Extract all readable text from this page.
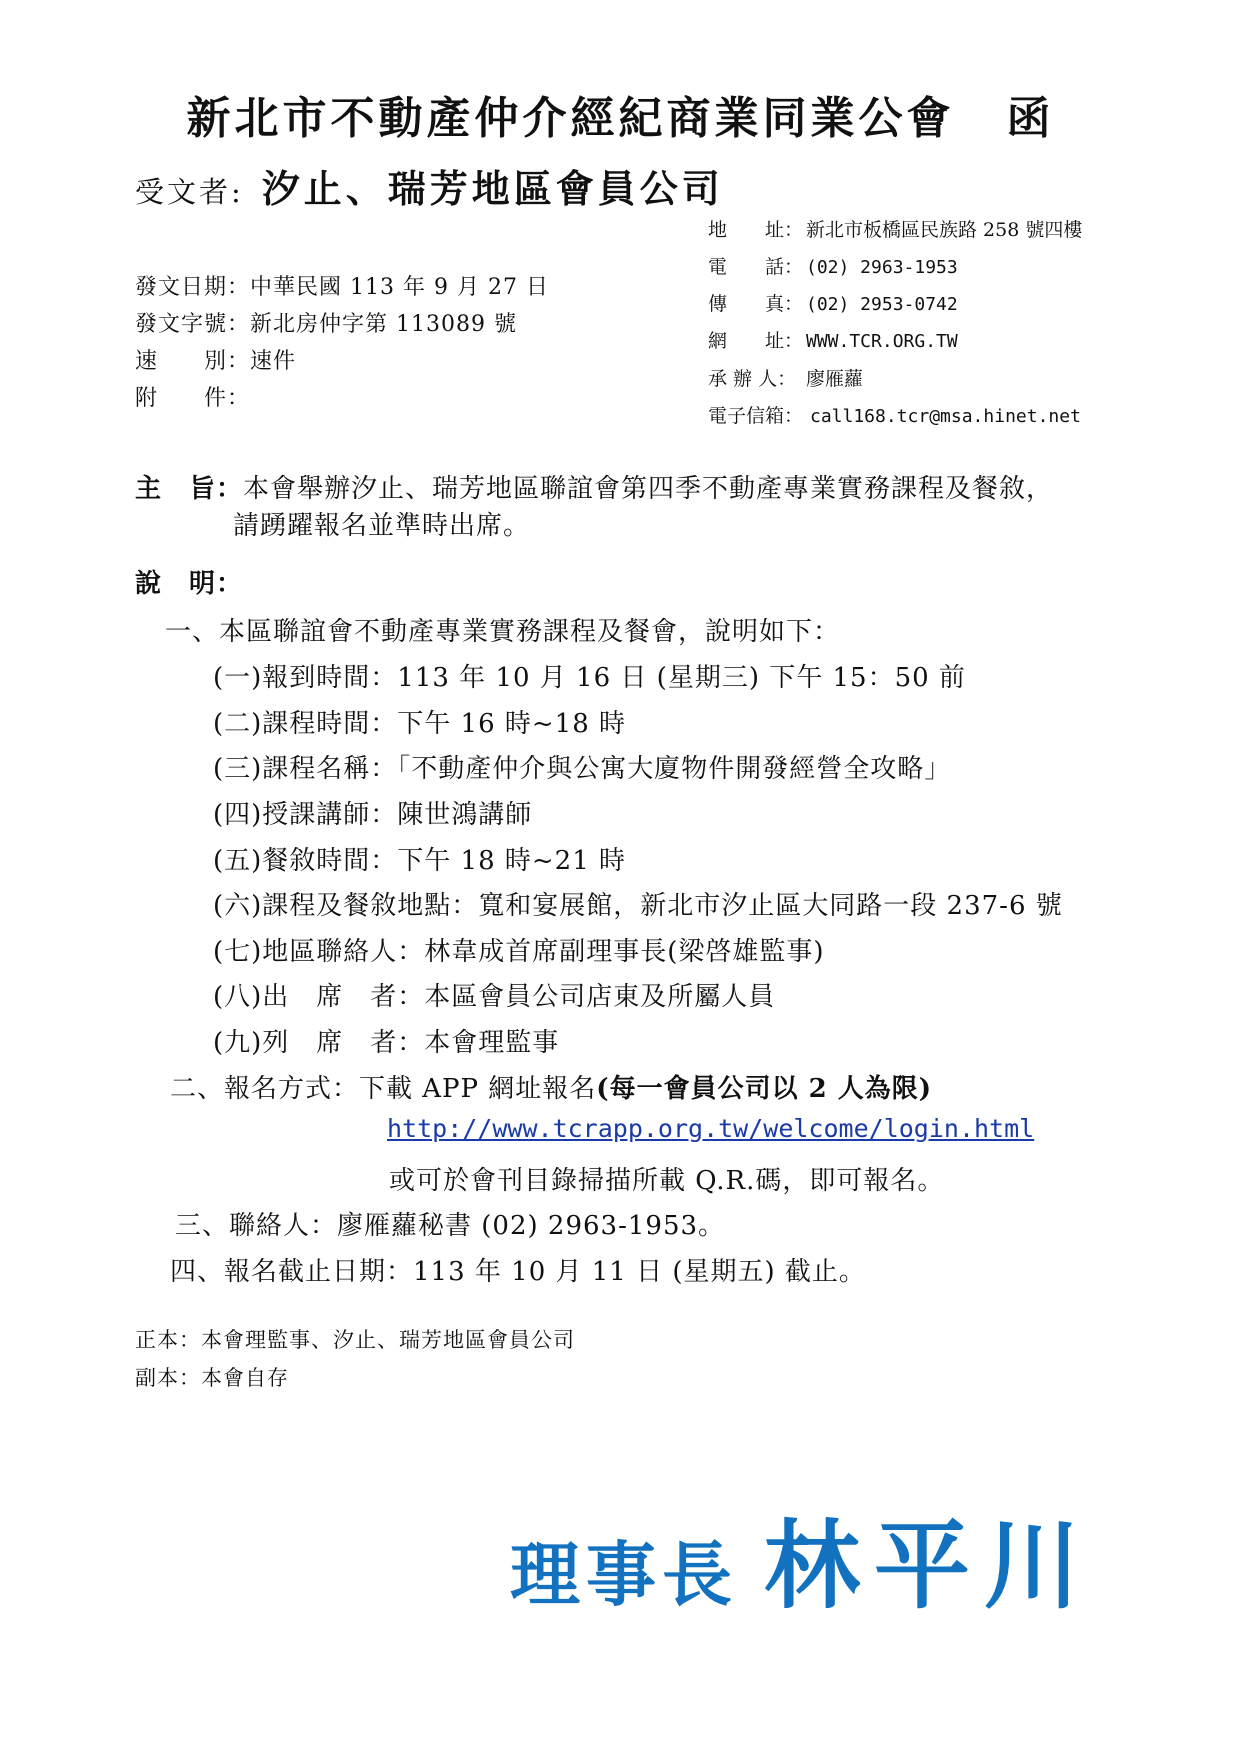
新北市不動產仲介經紀商業同業公會 函
受文者: 汐止、瑞芳地區會員公司
發文日期：中華民國 113 年 9 月 27 日
發文字號：新北房仲字第 113089 號
速　　別：速件
附　　件：
地　　址： 新北市板橋區民族路 258 號四樓
電　　話： (02) 2963-1953
傳　　真： (02) 2953-0742
網　　址： WWW.TCR.ORG.TW
承 辦 人： 廖雁蘿
電子信箱： call168.tcr@msa.hinet.net
主　旨：本會舉辦汐止、瑞芳地區聯誼會第四季不動產專業實務課程及餐敘，
請踴躍報名並準時出席。
說　明：
一、本區聯誼會不動產專業實務課程及餐會，說明如下：
(一)報到時間：113 年 10 月 16 日 (星期三) 下午 15：50 前
(二)課程時間：下午 16 時~18 時
(三)課程名稱：「不動產仲介與公寓大廈物件開發經營全攻略」
(四)授課講師：陳世鴻講師
(五)餐敘時間：下午 18 時~21 時
(六)課程及餐敘地點：寬和宴展館，新北市汐止區大同路一段 237-6 號
(七)地區聯絡人：林韋成首席副理事長(梁啓雄監事)
(八)出　席　者：本區會員公司店東及所屬人員
(九)列　席　者：本會理監事
二、報名方式：下載 APP 網址報名(每一會員公司以 2 人為限)
http://www.tcrapp.org.tw/welcome/login.html
或可於會刊目錄掃描所載 Q.R.碼，即可報名。
三、聯絡人：廖雁蘿秘書 (02) 2963-1953。
四、報名截止日期：113 年 10 月 11 日 (星期五) 截止。
正本：本會理監事、汐止、瑞芳地區會員公司
副本：本會自存
理事長 林平川
